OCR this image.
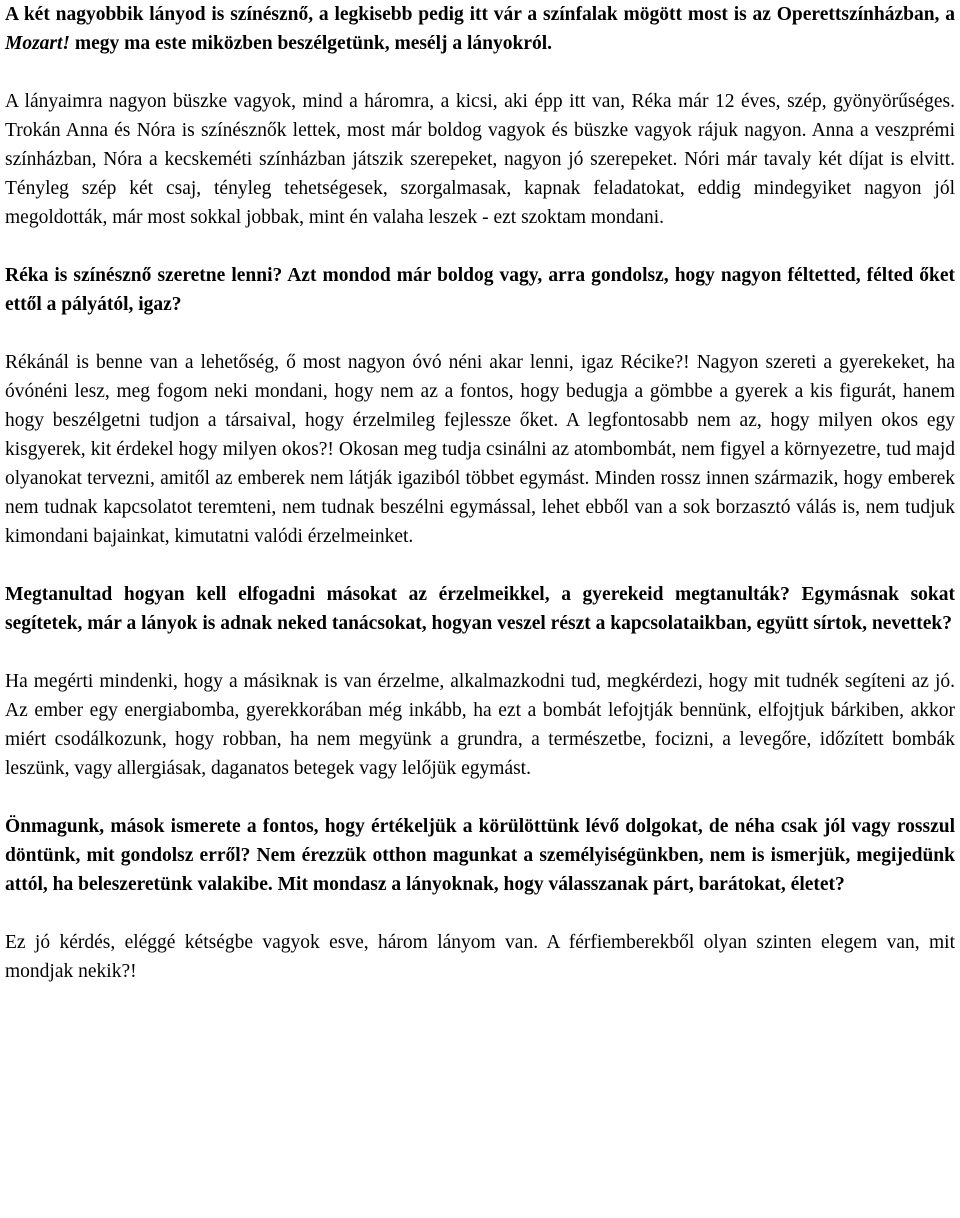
A két nagyobbik lányod is színésznő, a legkisebb pedig itt vár a színfalak mögött most is az Operettszínházban, a Mozart! megy ma este miközben beszélgetünk, mesélj a lányokról.

A lányaimra nagyon büszke vagyok, mind a háromra, a kicsi, aki épp itt van, Réka már 12 éves, szép, gyönyörűséges. Trokán Anna és Nóra is színésznők lettek, most már boldog vagyok és büszke vagyok rájuk nagyon. Anna a veszprémi színházban, Nóra a kecskeméti színházban játszik szerepeket, nagyon jó szerepeket. Nóri már tavaly két díjat is elvitt. Tényleg szép két csaj, tényleg tehetségesek, szorgalmasak, kapnak feladatokat, eddig mindegyiket nagyon jól megoldották, már most sokkal jobbak, mint én valaha leszek - ezt szoktam mondani.

Réka is színésznő szeretne lenni? Azt mondod már boldog vagy, arra gondolsz, hogy nagyon féltetted, félted őket ettől a pályától, igaz?

Rékánál is benne van a lehetőség, ő most nagyon óvó néni akar lenni, igaz Récike?! Nagyon szereti a gyerekeket, ha óvónéni lesz, meg fogom neki mondani, hogy nem az a fontos, hogy bedugja a gömbbe a gyerek a kis figurát, hanem hogy beszélgetni tudjon a társaival, hogy érzelmileg fejlessze őket. A legfontosabb nem az, hogy milyen okos egy kisgyerek, kit érdekel hogy milyen okos?! Okosan meg tudja csinálni az atombombát, nem figyel a környezetre, tud majd olyanokat tervezni, amitől az emberek nem látják igaziból többet egymást. Minden rossz innen származik, hogy emberek nem tudnak kapcsolatot teremteni, nem tudnak beszélni egymással, lehet ebből van a sok borzasztó válás is, nem tudjuk kimondani bajainkat, kimutatni valódi érzelmeinket.

Megtanultad hogyan kell elfogadni másokat az érzelmeikkel, a gyerekeid megtanulták? Egymásnak sokat segítetek, már a lányok is adnak neked tanácsokat, hogyan veszel részt a kapcsolataikban, együtt sírtok, nevettek?

Ha megérti mindenki, hogy a másiknak is van érzelme, alkalmazkodni tud, megkérdezi, hogy mit tudnék segíteni az jó. Az ember egy energiabomba, gyerekkorában még inkább, ha ezt a bombát lefojtják bennünk, elfojtjuk bárkiben, akkor miért csodálkozunk, hogy robban, ha nem megyünk a grundra, a természetbe, focizni, a levegőre, időzített bombák leszünk, vagy allergiásak, daganatos betegek vagy lelőjük egymást.

Önmagunk, mások ismerete a fontos, hogy értékeljük a körülöttünk lévő dolgokat, de néha csak jól vagy rosszul döntünk, mit gondolsz erről? Nem érezzük otthon magunkat a személyiségünkben, nem is ismerjük, megijedünk attól, ha beleszeretünk valakibe. Mit mondasz a lányoknak, hogy válasszanak párt, barátokat, életet?

Ez jó kérdés, eléggé kétségbe vagyok esve, három lányom van. A férfiemberekből olyan szinten elegem van, mit mondjak nekik?!
